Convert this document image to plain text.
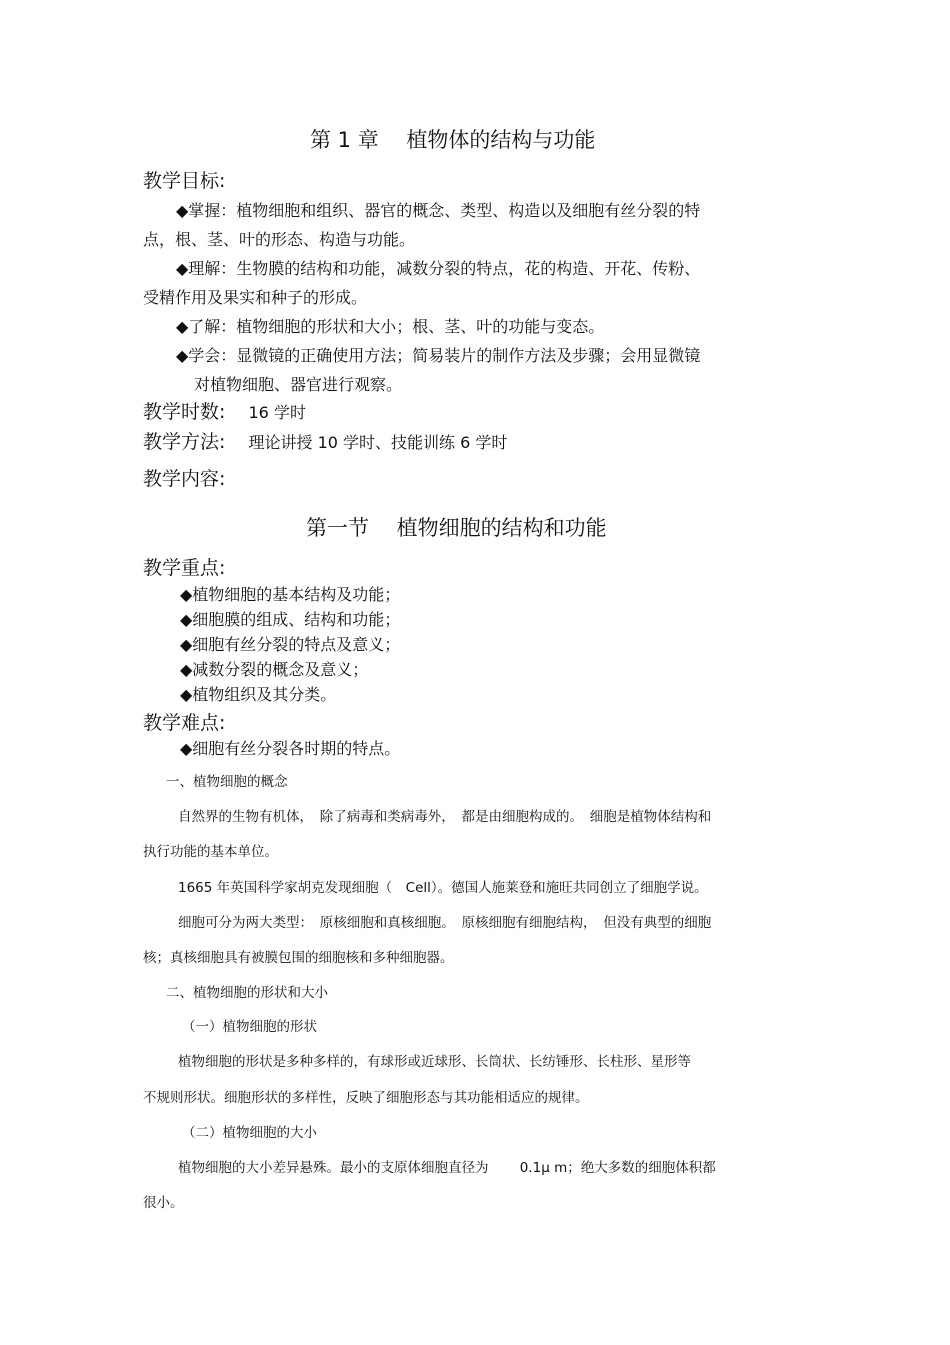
第 1 章　 植物体的结构与功能
教学目标:
◆掌握：植物细胞和组织、器官的概念、类型、构造以及细胞有丝分裂的特
点，根、茎、叶的形态、构造与功能。
◆理解：生物膜的结构和功能，减数分裂的特点，花的构造、开花、传粉、
受精作用及果实和种子的形成。
◆了解：植物细胞的形状和大小；根、茎、叶的功能与变态。
◆学会：显微镜的正确使用方法；简易装片的制作方法及步骤；会用显微镜
对植物细胞、器官进行观察。
教学时数: 16 学时
教学方法: 理论讲授 10 学时、技能训练 6 学时
教学内容:
第一节　 植物细胞的结构和功能
教学重点:
◆植物细胞的基本结构及功能；
◆细胞膜的组成、结构和功能；
◆细胞有丝分裂的特点及意义；
◆减数分裂的概念及意义；
◆植物组织及其分类。
教学难点:
◆细胞有丝分裂各时期的特点。
一、植物细胞的概念
自然界的生物有机体，　除了病毒和类病毒外，　都是由细胞构成的。　细胞是植物体结构和
执行功能的基本单位。
1665 年英国科学家胡克发现细胞（　Cell）。德国人施莱登和施旺共同创立了细胞学说。
细胞可分为两大类型：　原核细胞和真核细胞。　原核细胞有细胞结构，　但没有典型的细胞
核；真核细胞具有被膜包围的细胞核和多种细胞器。
二、植物细胞的形状和大小
（一）植物细胞的形状
植物细胞的形状是多种多样的，有球形或近球形、长筒状、长纺锤形、长柱形、星形等
不规则形状。细胞形状的多样性，反映了细胞形态与其功能相适应的规律。
（二）植物细胞的大小
植物细胞的大小差异悬殊。最小的支原体细胞直径为　　 0.1μ m；绝大多数的细胞体积都
很小。
